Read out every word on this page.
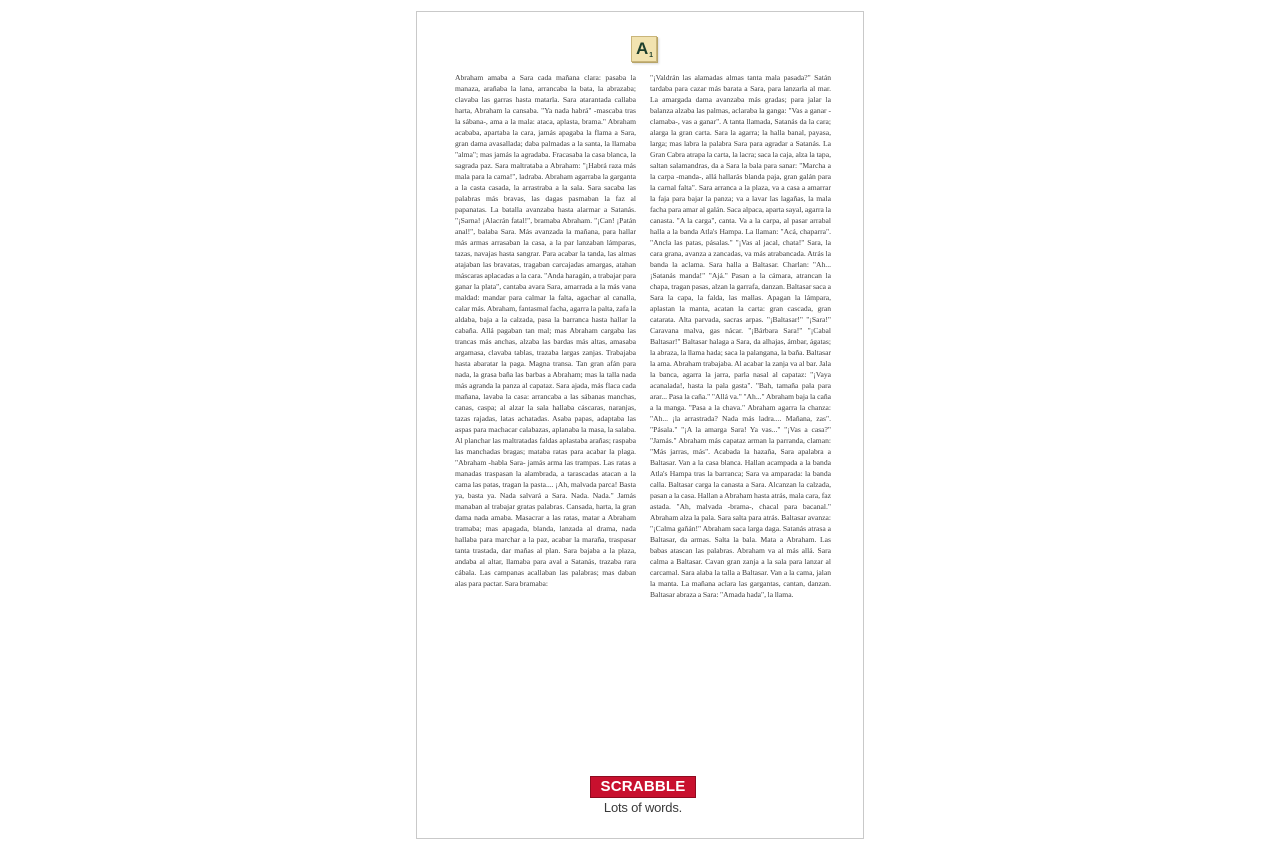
A 1
Abraham amaba a Sara cada mañana clara: pasaba la manaza, arañaba la lana, arrancaba la bata, la abrazaba; clavaba las garras hasta matarla. Sara atarantada callaba harta, Abraham la cansaba. "Ya nada habrá" -mascaba tras la sábana-, ama a la mala: ataca, aplasta, brama." Abraham acababa, apartaba la cara, jamás apagaba la flama a Sara, gran dama avasallada; daba palmadas a la santa, la llamaba "alma"; mas jamás la agradaba. Fracasaba la casa blanca, la sagrada paz. Sara maltrataba a Abraham: "¡Habrá raza más mala para la cama!", ladraba. Abraham agarraba la garganta a la casta casada, la arrastraba a la sala. Sara sacaba las palabras más bravas, las dagas pasmaban la faz al papanatas. La batalla avanzaba hasta alarmar a Satanás. "¡Sarna! ¡Alacrán fatal!", bramaba Abraham. "¡Can! ¡Patán anal!", balaba Sara. Más avanzada la mañana, para hallar más armas arrasaban la casa, a la par lanzaban lámparas, tazas, navajas hasta sangrar. Para acabar la tanda, las almas atajaban las bravatas, tragaban carcajadas amargas, atahan máscaras aplacadas a la cara. "Anda haragán, a trabajar para ganar la plata", cantaba avara Sara, amarrada a la más vana maldad: mandar para calmar la falta, agachar al canalla, calar más. Abraham, fantasmal facha, agarra la palta, zafa la aldaba, baja a la calzada, pasa la barranca hasta hallar la cabaña. Allá pagaban tan mal; mas Abraham cargaba las trancas más anchas, alzaba las bardas más altas, amasaba argamasa, clavaba tablas, trazaba largas zanjas. Trabajaba hasta abaratar la paga. Magna transa. Tan gran afán para nada, la grasa baña las barbas a Abraham; mas la talla nada más agranda la panza al capataz. Sara ajada, más flaca cada mañana, lavaba la casa: arrancaba a las sábanas manchas, canas, caspa; al alzar la sala hallaba cáscaras, naranjas, tazas rajadas, latas achatadas. Asaba papas, adaptaba las aspas para machacar calabazas, aplanaba la masa, la salaba. Al planchar las maltratadas faldas aplastaba arañas; raspaba las manchadas bragas; mataba ratas para acabar la plaga. "Abraham -habla Sara- jamás arma las trampas. Las ratas a manadas traspasan la alambrada, a tarascadas atacan a la cama las patas, tragan la pasta.... ¡Ah, malvada parca! Basta ya, basta ya. Nada salvará a Sara. Nada. Nada." Jamás manaban al trabajar gratas palabras. Cansada, harta, la gran dama nada amaba. Masacrar a las ratas, matar a Abraham tramaba; mas apagada, blanda, lanzada al drama, nada hallaba para marchar a la paz, acabar la maraña, traspasar tanta trastada, dar mañas al plan. Sara bajaba a la plaza, andaba al altar, llamaba para aval a Satanás, trazaba rara cábala. Las campanas acallaban las palabras; mas daban alas para pactar. Sara bramaba:
"¡Valdrán las alamadas almas tanta mala pasada?" Satán tardaba para cazar más barata a Sara, para lanzarla al mar. La amargada dama avanzaba más gradas; para jalar la balanza alzaba las palmas, aclaraba la ganga: "Vas a ganar -clamaba-, vas a ganar". A tanta llamada, Satanás da la cara; alarga la gran carta. Sara la agarra; la halla banal, payasa, larga; mas labra la palabra Sara para agradar a Satanás. La Gran Cabra atrapa la carta, la lacra; saca la caja, alza la tapa, saltan salamandras, da a Sara la bala para sanar: "Marcha a la carpa -manda-, allá hallarás blanda paja, gran galán para la carnal falta". Sara arranca a la plaza, va a casa a amarrar la faja para bajar la panza; va a lavar las lagañas, la mala facha para amar al galán. Saca alpaca, aparta sayal, agarra la canasta. "A la carga", canta. Va a la carpa, al pasar arrabal halla a la banda Atla's Hampa. La llaman: "Acá, chaparra". "Ancla las patas, pásalas." "¡Vas al jacal, chata!" Sara, la cara grana, avanza a zancadas, va más atrabancada. Atrás la banda la aclama. Sara halla a Baltasar. Charlan: "Ah... ¡Satanás manda!" "Ajá." Pasan a la cámara, atrancan la chapa, tragan pasas, alzan la garrafa, danzan. Baltasar saca a Sara la capa, la falda, las mallas. Apagan la lámpara, aplastan la manta, acatan la carta: gran cascada, gran catarata. Alta parvada, sacras arpas. "¡Baltasar!" "¡Sara!" Caravana malva, gas nácar. "¡Bárbara Sara!" "¡Cabal Baltasar!" Baltasar halaga a Sara, da alhajas, ámbar, ágatas; la abraza, la llama hada; saca la palangana, la baña. Baltasar la ama. Abraham trabajaba. Al acabar la zanja va al bar. Jala la banca, agarra la jarra, parla nasal al capataz: "¡Vaya acanalada!, hasta la pala gasta". "Bah, tamaña pala para arar... Pasa la caña." "Allá va." "Ah..." Abraham baja la caña a la manga. "Pasa a la chava." Abraham agarra la chanza: "Ah... ¡la arrastrada? Nada más ladra.... Mañana, zas". "Pásala." "¡A la amarga Sara! Ya vas..." "¡Vas a casa?" "Jamás." Abraham más capataz arman la parranda, claman: "Más jarras, más". Acabada la hazaña, Sara apalabra a Baltasar. Van a la casa blanca. Hallan acampada a la banda Atla's Hampa tras la barranca; Sara va amparada: la banda calla. Baltasar carga la canasta a Sara. Alcanzan la calzada, pasan a la casa. Hallan a Abraham hasta atrás, mala cara, faz astada. "Ah, malvada -brama-, chacal para bacanal." Abraham alza la pala. Sara salta para atrás. Baltasar avanza: "¡Calma gañán!" Abraham saca larga daga. Satanás atrasa a Baltasar, da armas. Salta la bala. Mata a Abraham. Las babas atascan las palabras. Abraham va al más allá. Sara calma a Baltasar. Cavan gran zanja a la sala para lanzar al carcamal. Sara alaba la talla a Baltasar. Van a la cama, jalan la manta. La mañana aclara las gargantas, cantan, danzan. Baltasar abraza a Sara: "Amada hada", la llama.
SCRABBLE
Lots of words.
